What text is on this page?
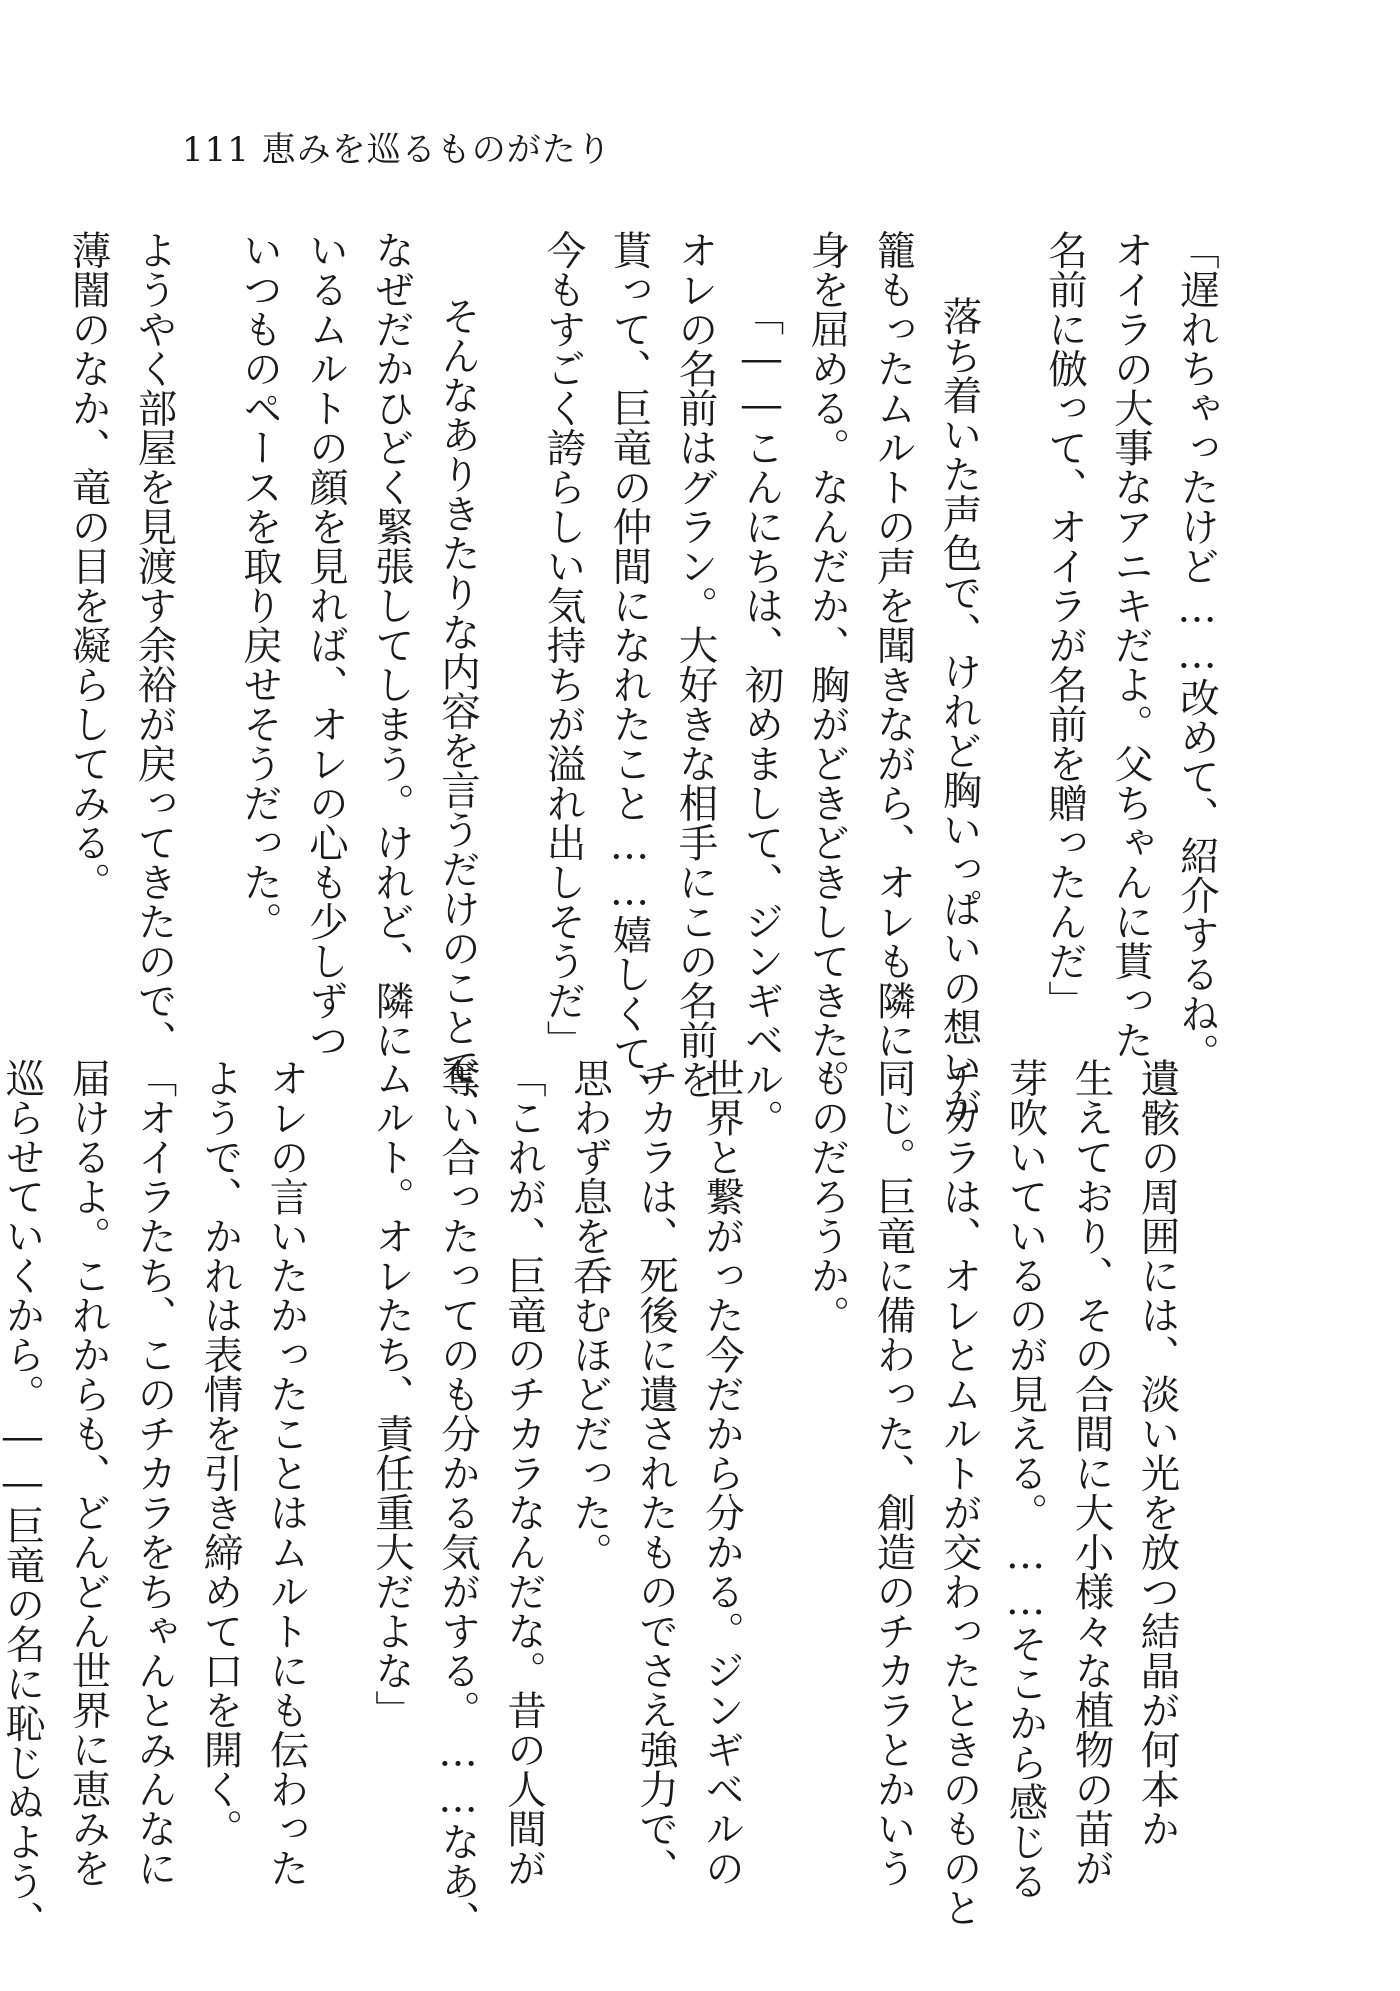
111 恵みを巡るものがたり
「遅れちゃったけど……改めて、紹介するね。
オイラの大事なアニキだよ。父ちゃんに貰った
名前に倣って、オイラが名前を贈ったんだ」
落ち着いた声色で、けれど胸いっぱいの想いが
籠もったムルトの声を聞きながら、オレも隣に
身を屈める。なんだか、胸がどきどきしてきた。
「――こんにちは、初めまして、ジンギベル。
オレの名前はグラン。大好きな相手にこの名前を
貰って、巨竜の仲間になれたこと……嬉しくて、
今もすごく誇らしい気持ちが溢れ出しそうだ」
そんなありきたりな内容を言うだけのことで、
なぜだかひどく緊張してしまう。けれど、隣に
いるムルトの顔を見れば、オレの心も少しずつ
いつものペースを取り戻せそうだった。
ようやく部屋を見渡す余裕が戻ってきたので、
薄闇のなか、竜の目を凝らしてみる。
遺骸の周囲には、淡い光を放つ結晶が何本か
生えており、その合間に大小様々な植物の苗が
芽吹いているのが見える。……そこから感じる
チカラは、オレとムルトが交わったときのものと
同じ。巨竜に備わった、創造のチカラとかいう
ものだろうか。
世界と繋がった今だから分かる。ジンギベルの
チカラは、死後に遺されたものでさえ強力で、
思わず息を呑むほどだった。
「これが、巨竜のチカラなんだな。昔の人間が
奪い合ったってのも分かる気がする。……なあ、
ムルト。オレたち、責任重大だよな」
オレの言いたかったことはムルトにも伝わった
ようで、かれは表情を引き締めて口を開く。
「オイラたち、このチカラをちゃんとみんなに
届けるよ。これからも、どんどん世界に恵みを
巡らせていくから。――巨竜の名に恥じぬよう、
